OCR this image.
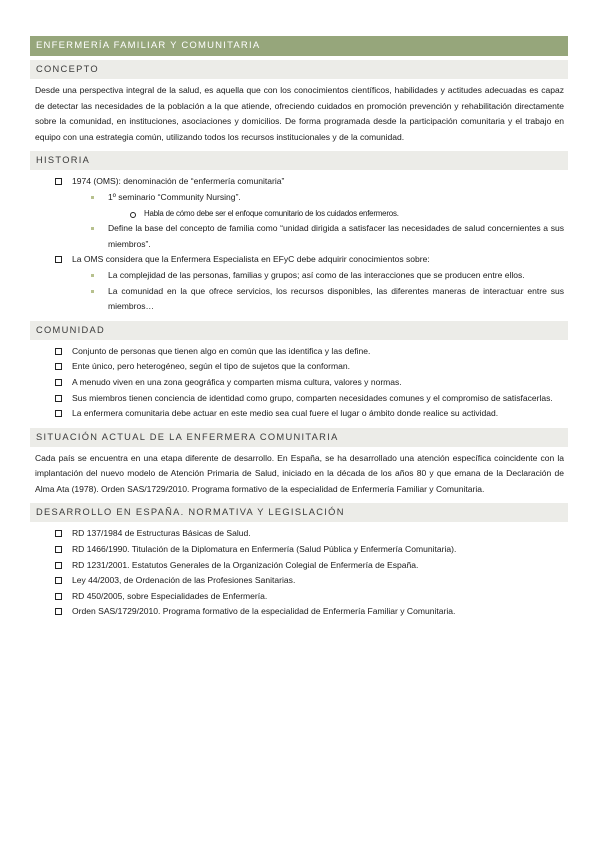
ENFERMERÍA FAMILIAR Y COMUNITARIA
CONCEPTO
Desde una perspectiva integral de la salud, es aquella que con los conocimientos científicos, habilidades y actitudes adecuadas es capaz de detectar las necesidades de la población a la que atiende, ofreciendo cuidados en promoción prevención y rehabilitación directamente sobre la comunidad, en instituciones, asociaciones y domicilios. De forma programada desde la participación comunitaria y el trabajo en equipo con una estrategia común, utilizando todos los recursos institucionales y de la comunidad.
HISTORIA
1974 (OMS): denominación de “enfermería comunitaria”
1º seminario “Community Nursing”.
Habla de cómo debe ser el enfoque comunitario de los cuidados enfermeros.
Define la base del concepto de familia como “unidad dirigida a satisfacer las necesidades de salud concernientes a sus miembros”.
La OMS considera que la Enfermera Especialista en EFyC debe adquirir conocimientos sobre:
La complejidad de las personas, familias y grupos; así como de las interacciones que se producen entre ellos.
La comunidad en la que ofrece servicios, los recursos disponibles, las diferentes maneras de interactuar entre sus miembros…
COMUNIDAD
Conjunto de personas que tienen algo en común que las identifica y las define.
Ente único, pero heterogéneo, según el tipo de sujetos que la conforman.
A menudo viven en una zona geográfica y comparten misma cultura, valores y normas.
Sus miembros tienen conciencia de identidad como grupo, comparten necesidades comunes y el compromiso de satisfacerlas.
La enfermera comunitaria debe actuar en este medio sea cual fuere el lugar o ámbito donde realice su actividad.
SITUACIÓN ACTUAL DE LA ENFERMERA COMUNITARIA
Cada país se encuentra en una etapa diferente de desarrollo. En España, se ha desarrollado una atención específica coincidente con la implantación del nuevo modelo de Atención Primaria de Salud, iniciado en la década de los años 80 y que emana de la Declaración de Alma Ata (1978). Orden SAS/1729/2010. Programa formativo de la especialidad de Enfermería Familiar y Comunitaria.
DESARROLLO EN ESPAÑA. NORMATIVA Y LEGISLACIÓN
RD 137/1984 de Estructuras Básicas de Salud.
RD 1466/1990. Titulación de la Diplomatura en Enfermería (Salud Pública y Enfermería Comunitaria).
RD 1231/2001. Estatutos Generales de la Organización Colegial de Enfermería de España.
Ley 44/2003, de Ordenación de las Profesiones Sanitarias.
RD 450/2005, sobre Especialidades de Enfermería.
Orden SAS/1729/2010. Programa formativo de la especialidad de Enfermería Familiar y Comunitaria.
